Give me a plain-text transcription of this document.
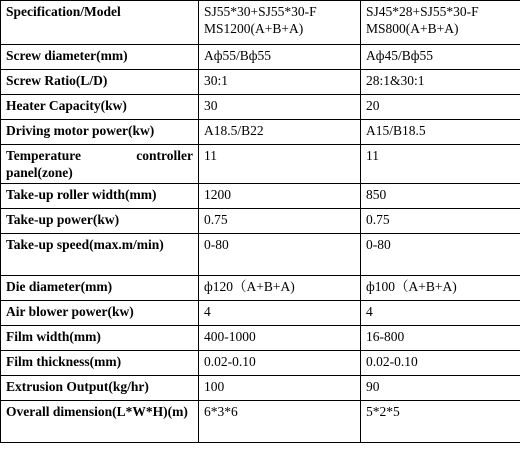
Specification/Model	SJ55*30+SJ55*30-F MS1200(A+B+A)	SJ45*28+SJ55*30-F MS800(A+B+A)
Screw diameter(mm)	Aф55/Bф55	Aф45/Bф55
Screw Ratio(L/D)	30:1	28:1&30:1
Heater Capacity(kw)	30	20
Driving motor power(kw)	A18.5/B22	A15/B18.5
Temperature controller panel(zone)	11	11
Take-up roller width(mm)	1200	850
Take-up power(kw)	0.75	0.75
Take-up speed(max.m/min)	0-80	0-80
Die diameter(mm)	ф120（A+B+A)	ф100（A+B+A)
Air blower power(kw)	4	4
Film width(mm)	400-1000	16-800
Film thickness(mm)	0.02-0.10	0.02-0.10
Extrusion Output(kg/hr)	100	90
Overall dimension(L*W*H)(m)	6*3*6	5*2*5
